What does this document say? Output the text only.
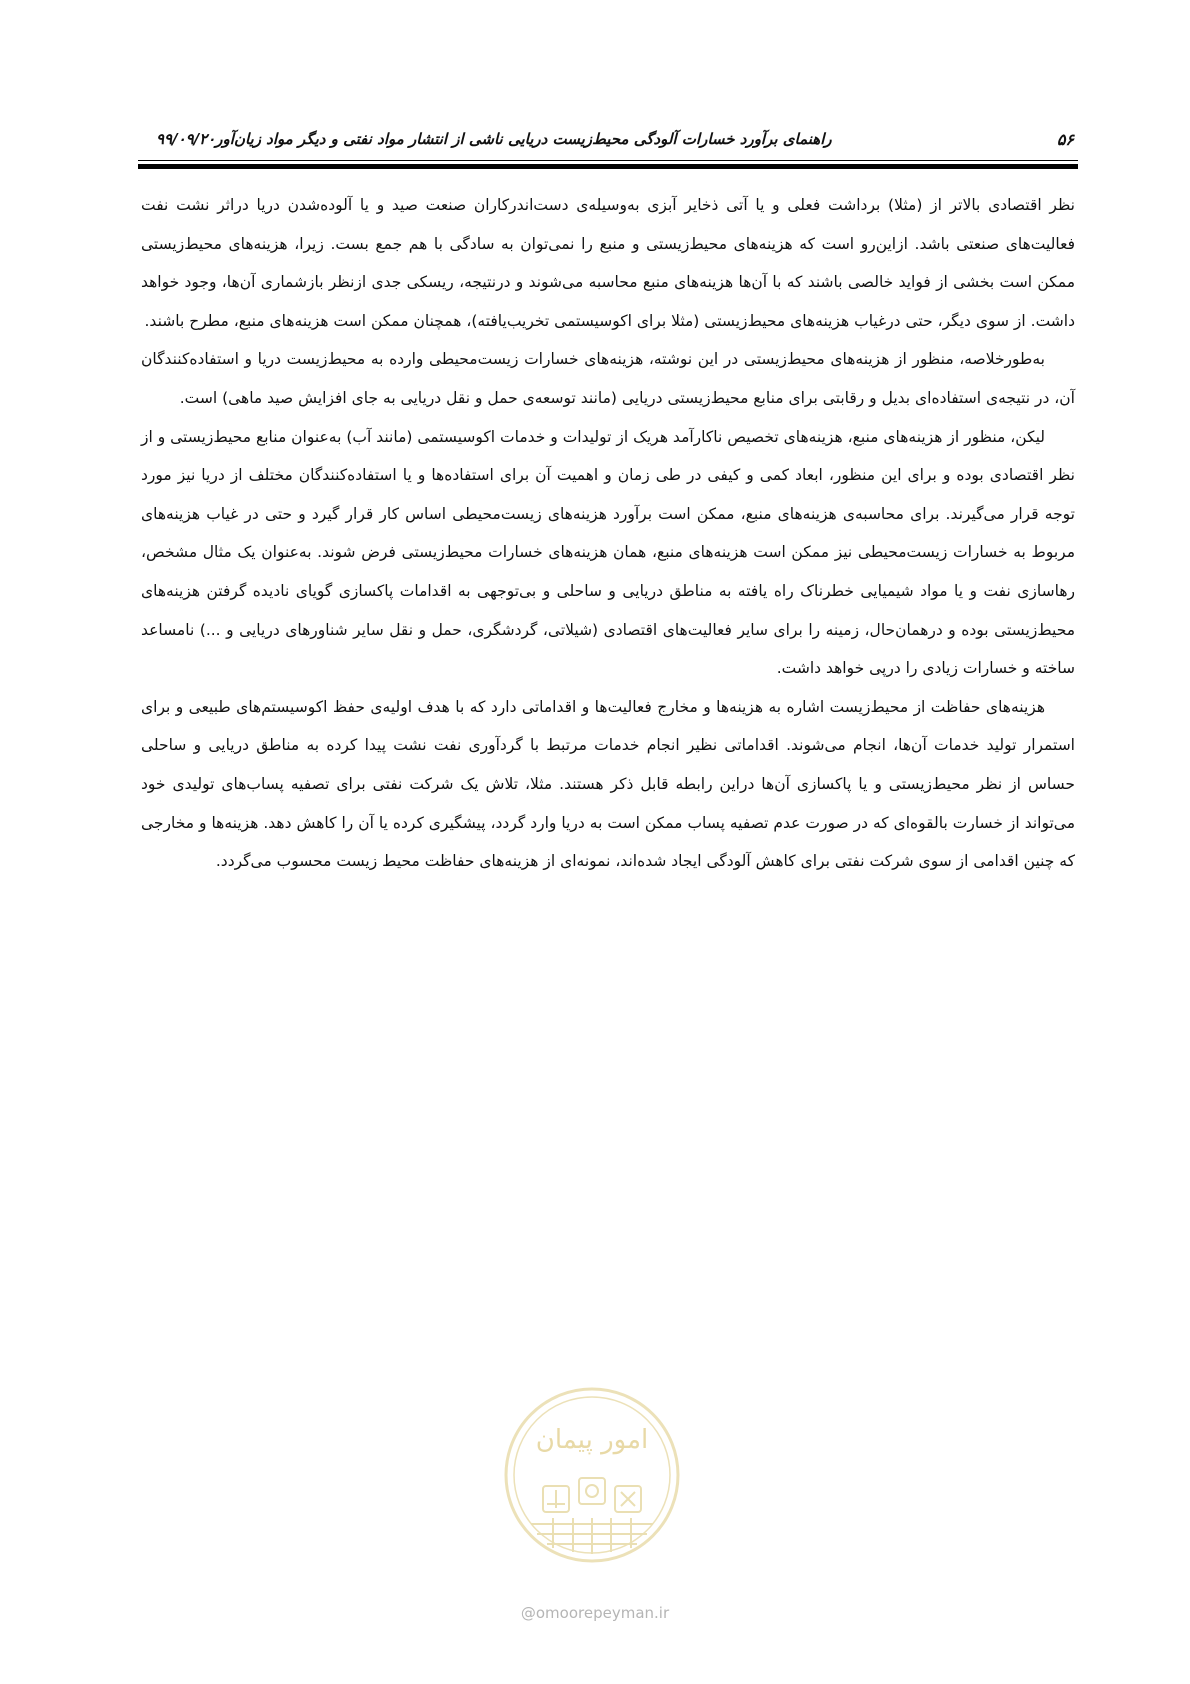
۵۶
راهنمای برآورد خسارات آلودگی محیط‌زیست دریایی ناشی از انتشار مواد نفتی و دیگر مواد زیان‌آور۹۹/۰۹/۲۰

نظر اقتصادی بالاتر از (مثلا) برداشت فعلی و یا آتی ذخایر آبزی به‌وسیله‌ی دست‌اندرکاران صنعت صید و یا آلوده‌شدن دریا دراثر نشت نفت فعالیت‌های صنعتی باشد. ازاین‌رو است که هزینه‌های محیط‌زیستی و منبع را نمی‌توان به سادگی با هم جمع بست. زیرا، هزینه‌های محیط‌زیستی ممکن است بخشی از فواید خالصی باشند که با آن‌ها هزینه‌های منبع محاسبه می‌شوند و درنتیجه، ریسکی جدی ازنظر بازشماری آن‌ها، وجود خواهد داشت. از سوی دیگر، حتی درغیاب هزینه‌های محیط‌زیستی (مثلا برای اکوسیستمی تخریب‌یافته)، همچنان ممکن است هزینه‌های منبع، مطرح باشند.

به‌طورخلاصه، منظور از هزینه‌های محیط‌زیستی در این نوشته، هزینه‌های خسارات زیست‌محیطی وارده به محیط‌زیست دریا و استفاده‌کنندگان آن، در نتیجه‌ی استفاده‌ای بدیل و رقابتی برای منابع محیط‌زیستی دریایی (مانند توسعه‌ی حمل و نقل دریایی به جای افزایش صید ماهی) است.

لیکن، منظور از هزینه‌های منبع، هزینه‌های تخصیص ناکارآمد هریک از تولیدات و خدمات اکوسیستمی (مانند آب) به‌عنوان منابع محیط‌زیستی و از نظر اقتصادی بوده و برای این منظور، ابعاد کمی و کیفی در طی زمان و اهمیت آن برای استفاده‌ها و یا استفاده‌کنندگان مختلف از دریا نیز مورد توجه قرار می‌گیرند. برای محاسبه‌ی هزینه‌های منبع، ممکن است برآورد هزینه‌های زیست‌محیطی اساس کار قرار گیرد و حتی در غیاب هزینه‌های مربوط به خسارات زیست‌محیطی نیز ممکن است هزینه‌های منبع، همان هزینه‌های خسارات محیط‌زیستی فرض شوند. به‌عنوان یک مثال مشخص، رهاسازی نفت و یا مواد شیمیایی خطرناک راه یافته به مناطق دریایی و ساحلی و بی‌توجهی به اقدامات پاکسازی گویای نادیده گرفتن هزینه‌های محیط‌زیستی بوده و درهمان‌حال، زمینه را برای سایر فعالیت‌های اقتصادی (شیلاتی، گردشگری، حمل و نقل سایر شناورهای دریایی و ...) نامساعد ساخته و خسارات زیادی را درپی خواهد داشت.

هزینه‌های حفاظت از محیط‌زیست اشاره به هزینه‌ها و مخارج فعالیت‌ها و اقداماتی دارد که با هدف اولیه‌ی حفظ اکوسیستم‌های طبیعی و برای استمرار تولید خدمات آن‌ها، انجام می‌شوند. اقداماتی نظیر انجام خدمات مرتبط با گردآوری نفت نشت پیدا کرده به مناطق دریایی و ساحلی حساس از نظر محیط‌زیستی و یا پاکسازی آن‌ها دراین رابطه قابل ذکر هستند. مثلا، تلاش یک شرکت نفتی برای تصفیه پساب‌های تولیدی خود می‌تواند از خسارت بالقوه‌ای که در صورت عدم تصفیه پساب ممکن است به دریا وارد گردد، پیشگیری کرده یا آن را کاهش دهد. هزینه‌ها و مخارجی که چنین اقدامی از سوی شرکت نفتی برای کاهش آلودگی ایجاد شده‌اند، نمونه‌ای از هزینه‌های حفاظت محیط زیست محسوب می‌گردد.

امور پیمان
@omoorepeyman.ir
